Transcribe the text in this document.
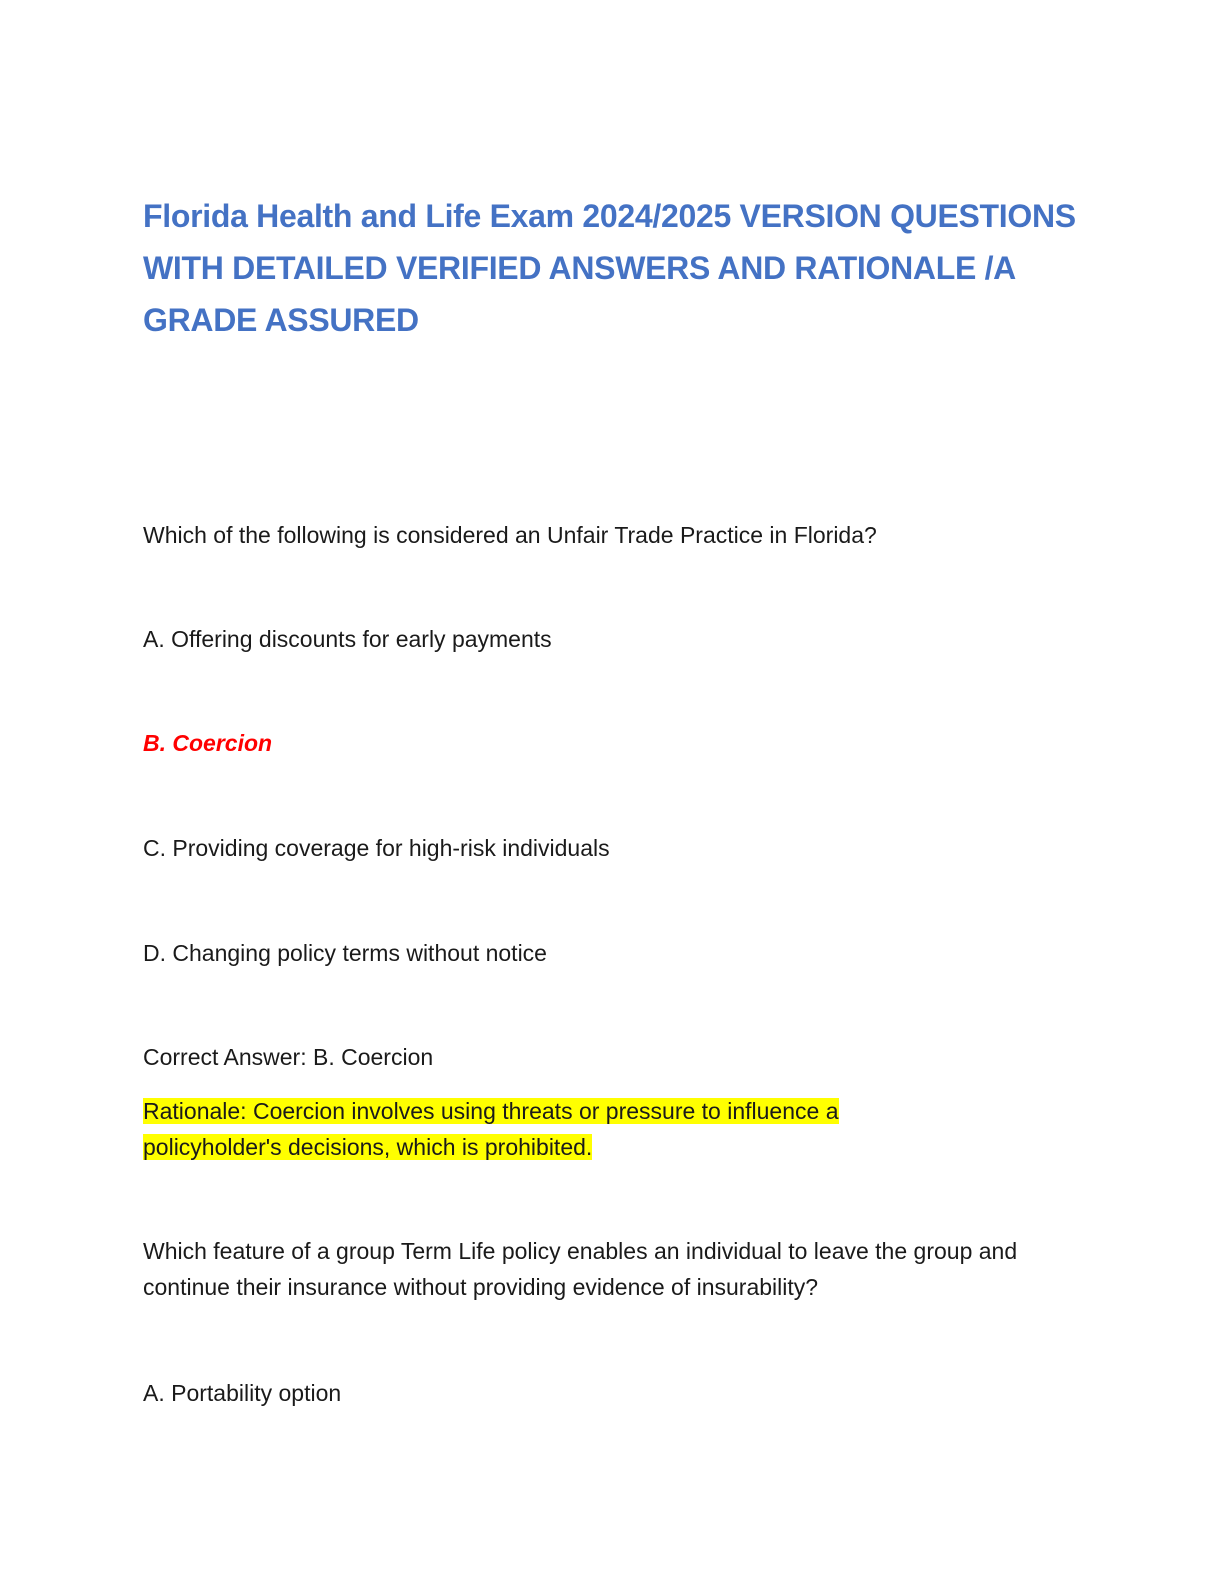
Florida Health and Life Exam 2024/2025 VERSION QUESTIONS WITH DETAILED VERIFIED ANSWERS AND RATIONALE /A GRADE ASSURED

Which of the following is considered an Unfair Trade Practice in Florida?

A. Offering discounts for early payments

B. Coercion

C. Providing coverage for high-risk individuals

D. Changing policy terms without notice

Correct Answer: B. Coercion

Rationale: Coercion involves using threats or pressure to influence a

policyholder's decisions, which is prohibited.

Which feature of a group Term Life policy enables an individual to leave the group and continue their insurance without providing evidence of insurability?

A. Portability option
